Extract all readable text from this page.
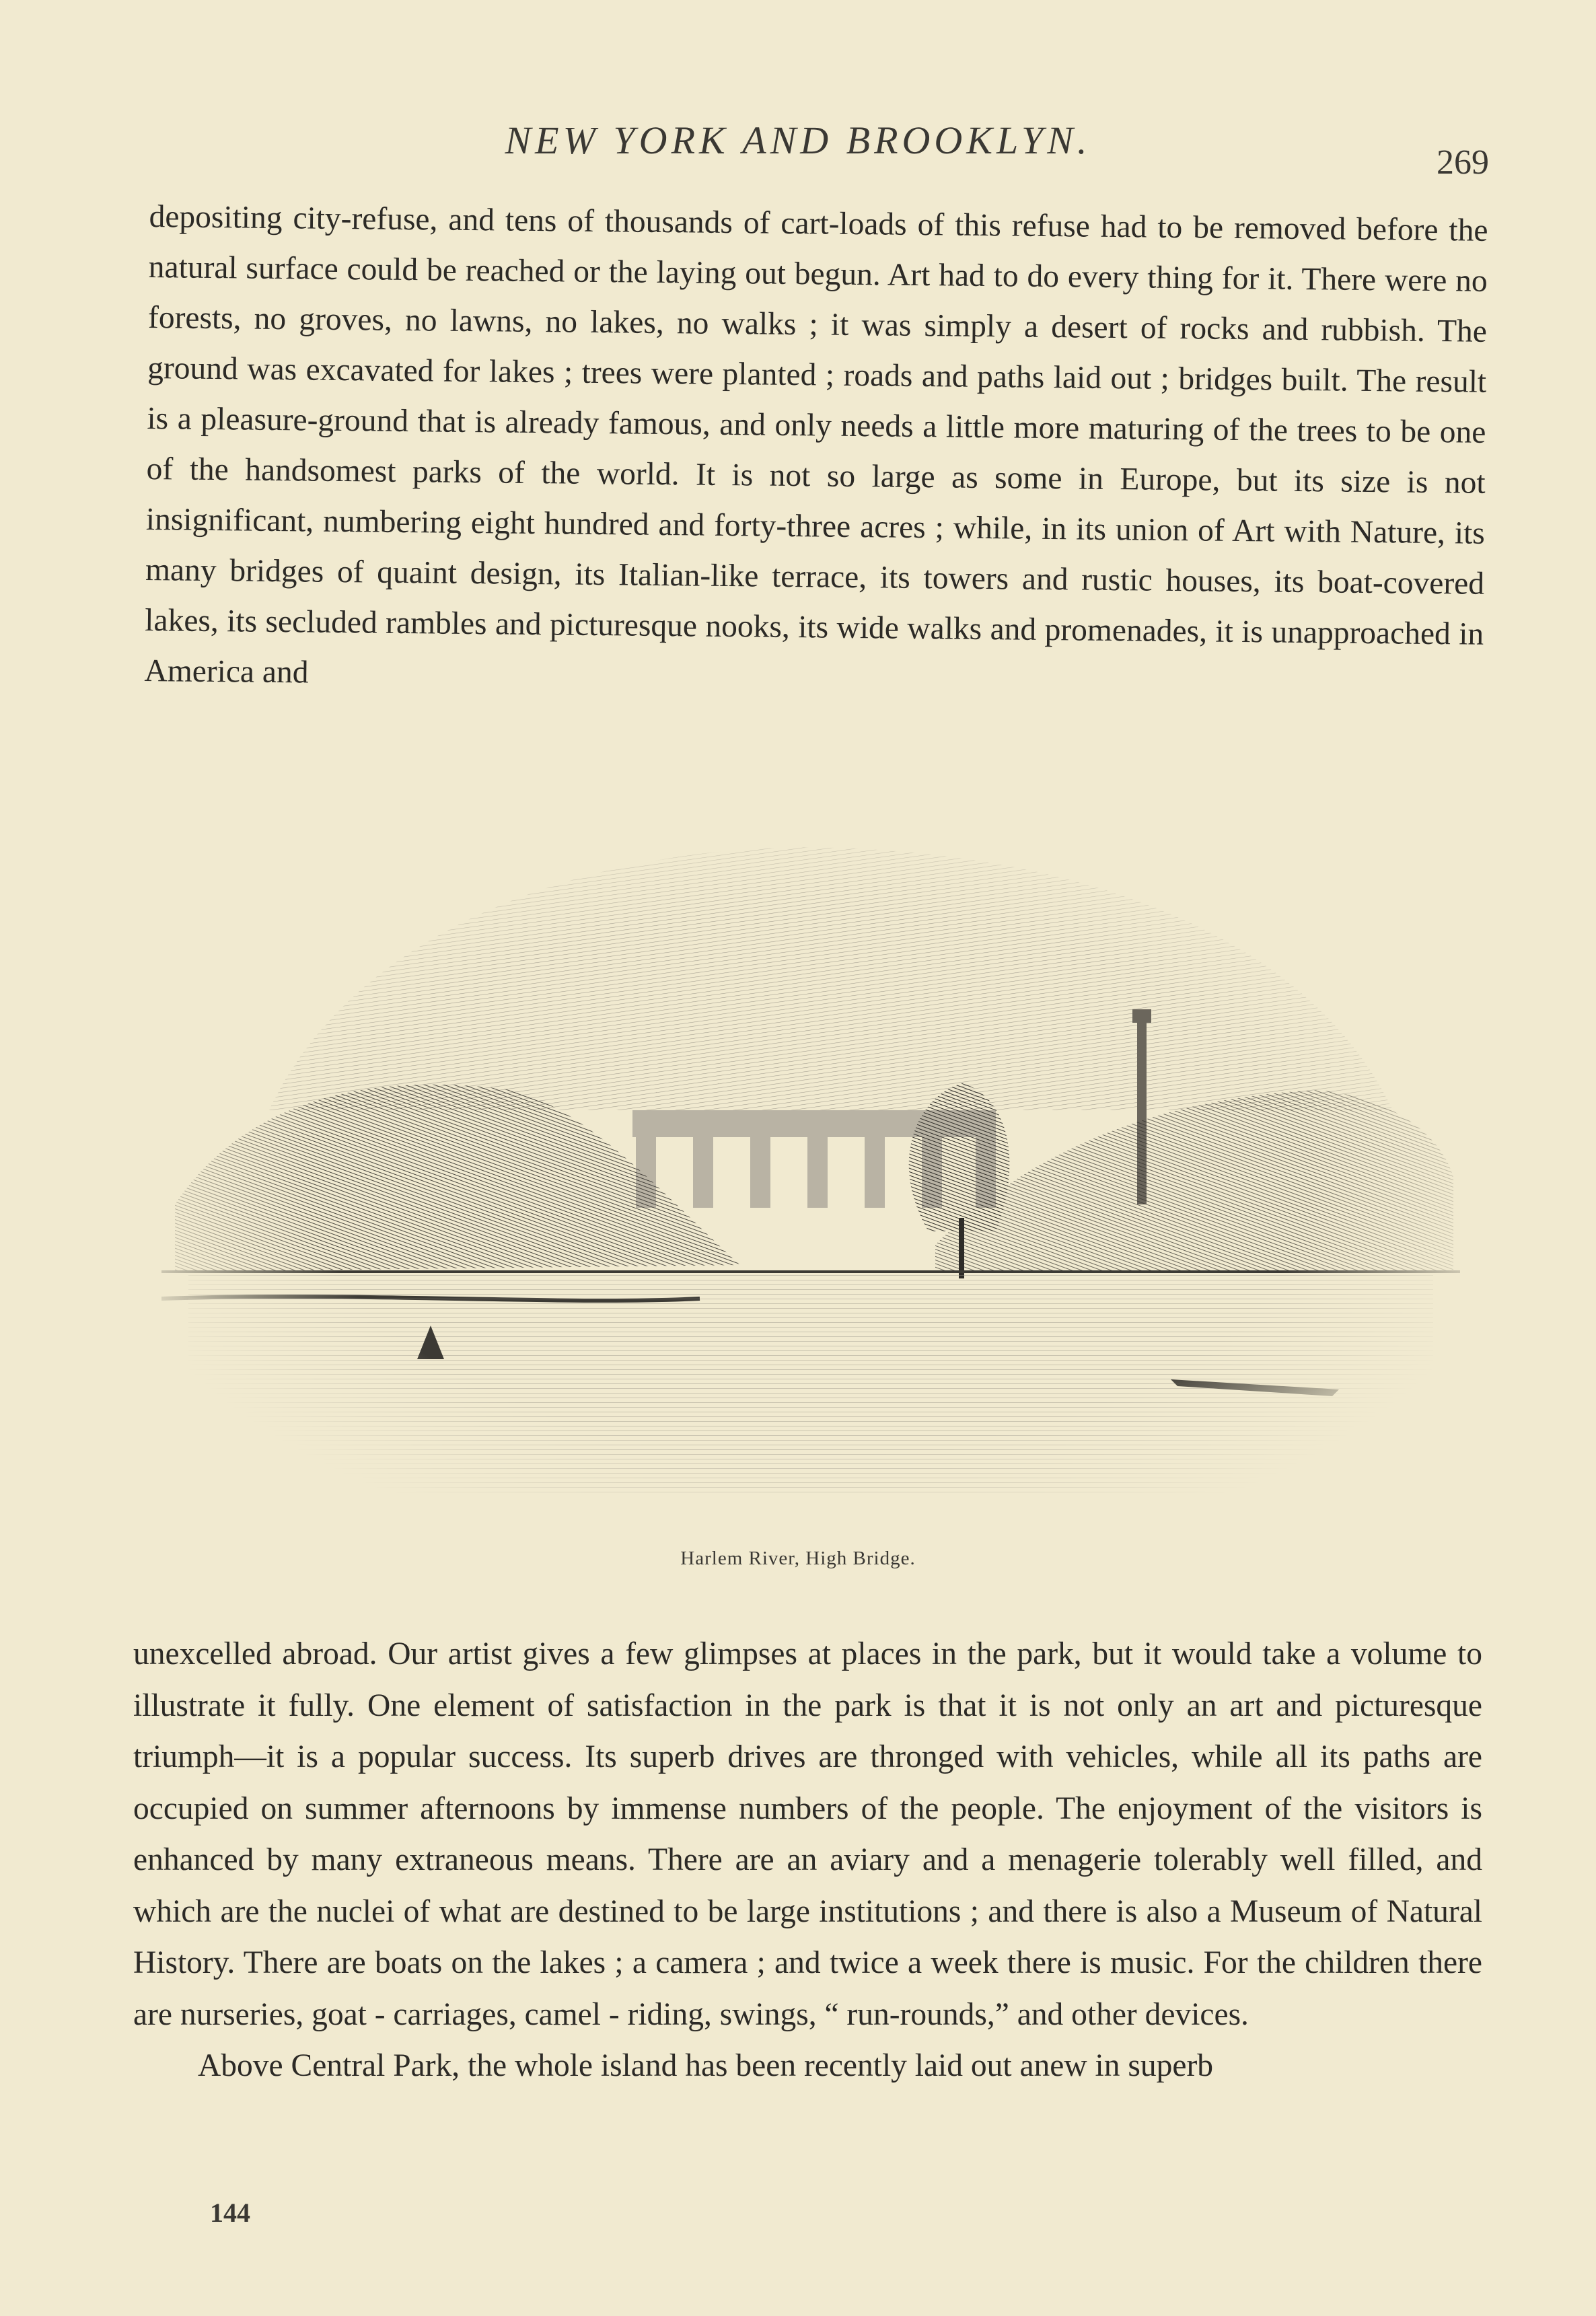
NEW YORK AND BROOKLYN.
269

depositing city-refuse, and tens of thousands of cart-loads of this refuse had to be removed before the natural surface could be reached or the laying out begun. Art had to do every thing for it. There were no forests, no groves, no lawns, no lakes, no walks ; it was simply a desert of rocks and rubbish. The ground was excavated for lakes ; trees were planted ; roads and paths laid out ; bridges built. The result is a pleasure-ground that is already famous, and only needs a little more maturing of the trees to be one of the handsomest parks of the world. It is not so large as some in Europe, but its size is not insignificant, numbering eight hundred and forty-three acres ; while, in its union of Art with Nature, its many bridges of quaint design, its Italian-like terrace, its towers and rustic houses, its boat-covered lakes, its secluded rambles and picturesque nooks, its wide walks and promenades, it is unapproached in America and

Harlem River, High Bridge.

unexcelled abroad. Our artist gives a few glimpses at places in the park, but it would take a volume to illustrate it fully. One element of satisfaction in the park is that it is not only an art and picturesque triumph—it is a popular success. Its superb drives are thronged with vehicles, while all its paths are occupied on summer afternoons by immense numbers of the people. The enjoyment of the visitors is enhanced by many extraneous means. There are an aviary and a menagerie tolerably well filled, and which are the nuclei of what are destined to be large institutions ; and there is also a Museum of Natural History. There are boats on the lakes ; a camera ; and twice a week there is music. For the children there are nurseries, goat - carriages, camel - riding, swings, “ run-rounds,” and other devices.

Above Central Park, the whole island has been recently laid out anew in superb

144
